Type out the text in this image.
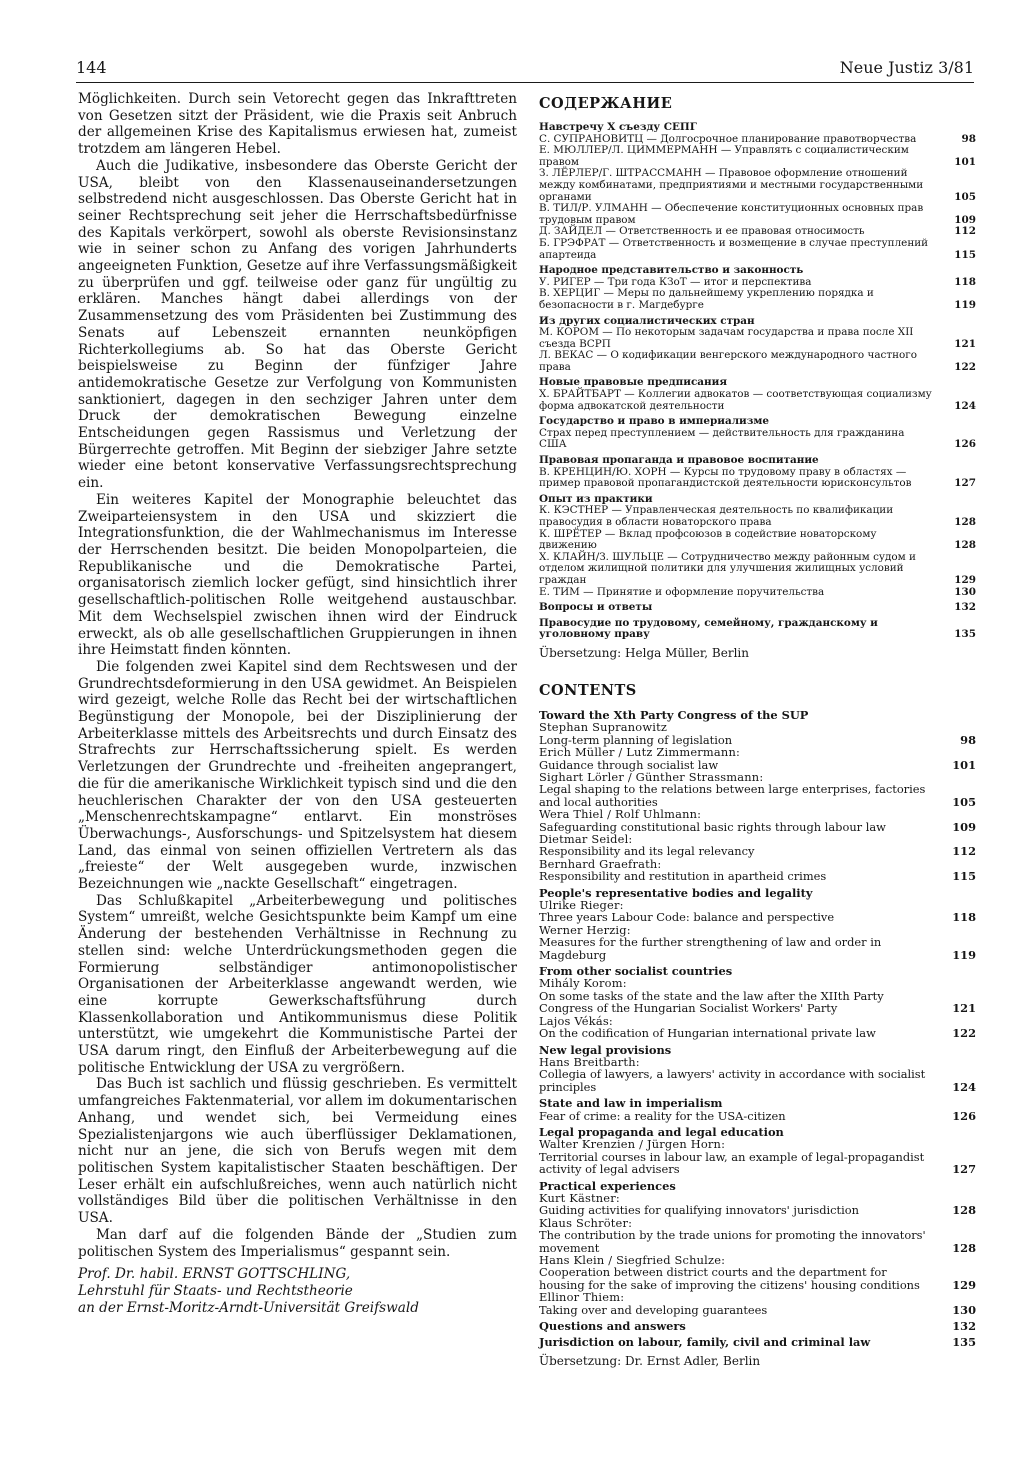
144	Neue Justiz 3/81

Möglichkeiten. Durch sein Vetorecht gegen das Inkrafttreten von Gesetzen sitzt der Präsident, wie die Praxis seit Anbruch der allgemeinen Krise des Kapitalismus erwiesen hat, zumeist trotzdem am längeren Hebel.

Auch die Judikative, insbesondere das Oberste Gericht der USA, bleibt von den Klassenauseinandersetzungen selbstredend nicht ausgeschlossen. Das Oberste Gericht hat in seiner Rechtsprechung seit jeher die Herrschaftsbedürfnisse des Kapitals verkörpert, sowohl als oberste Revisionsinstanz wie in seiner schon zu Anfang des vorigen Jahrhunderts angeeigneten Funktion, Gesetze auf ihre Verfassungsmäßigkeit zu überprüfen und ggf. teilweise oder ganz für ungültig zu erklären. Manches hängt dabei allerdings von der Zusammensetzung des vom Präsidenten bei Zustimmung des Senats auf Lebenszeit ernannten neunköpfigen Richterkollegiums ab. So hat das Oberste Gericht beispielsweise zu Beginn der fünfziger Jahre antidemokratische Gesetze zur Verfolgung von Kommunisten sanktioniert, dagegen in den sechziger Jahren unter dem Druck der demokratischen Bewegung einzelne Entscheidungen gegen Rassismus und Verletzung der Bürgerrechte getroffen. Mit Beginn der siebziger Jahre setzte wieder eine betont konservative Verfassungsrechtsprechung ein.

Ein weiteres Kapitel der Monographie beleuchtet das Zweiparteiensystem in den USA und skizziert die Integrationsfunktion, die der Wahlmechanismus im Interesse der Herrschenden besitzt. Die beiden Monopolparteien, die Republikanische und die Demokratische Partei, organisatorisch ziemlich locker gefügt, sind hinsichtlich ihrer gesellschaftlich-politischen Rolle weitgehend austauschbar. Mit dem Wechselspiel zwischen ihnen wird der Eindruck erweckt, als ob alle gesellschaftlichen Gruppierungen in ihnen ihre Heimstatt finden könnten.

Die folgenden zwei Kapitel sind dem Rechtswesen und der Grundrechtsdeformierung in den USA gewidmet. An Beispielen wird gezeigt, welche Rolle das Recht bei der wirtschaftlichen Begünstigung der Monopole, bei der Disziplinierung der Arbeiterklasse mittels des Arbeitsrechts und durch Einsatz des Strafrechts zur Herrschaftssicherung spielt. Es werden Verletzungen der Grundrechte und -freiheiten angeprangert, die für die amerikanische Wirklichkeit typisch sind und die den heuchlerischen Charakter der von den USA gesteuerten „Menschenrechtskampagne“ entlarvt. Ein monströses Überwachungs-, Ausforschungs- und Spitzelsystem hat diesem Land, das einmal von seinen offiziellen Vertretern als das „freieste“ der Welt ausgegeben wurde, inzwischen Bezeichnungen wie „nackte Gesellschaft“ eingetragen.

Das Schlußkapitel „Arbeiterbewegung und politisches System“ umreißt, welche Gesichtspunkte beim Kampf um eine Änderung der bestehenden Verhältnisse in Rechnung zu stellen sind: welche Unterdrückungsmethoden gegen die Formierung selbständiger antimonopolistischer Organisationen der Arbeiterklasse angewandt werden, wie eine korrupte Gewerkschaftsführung durch Klassenkollaboration und Antikommunismus diese Politik unterstützt, wie umgekehrt die Kommunistische Partei der USA darum ringt, den Einfluß der Arbeiterbewegung auf die politische Entwicklung der USA zu vergrößern.

Das Buch ist sachlich und flüssig geschrieben. Es vermittelt umfangreiches Faktenmaterial, vor allem im dokumentarischen Anhang, und wendet sich, bei Vermeidung eines Spezialistenjargons wie auch überflüssiger Deklamationen, nicht nur an jene, die sich von Berufs wegen mit dem politischen System kapitalistischer Staaten beschäftigen. Der Leser erhält ein aufschlußreiches, wenn auch natürlich nicht vollständiges Bild über die politischen Verhältnisse in den USA.

Man darf auf die folgenden Bände der „Studien zum politischen System des Imperialismus“ gespannt sein.

Prof. Dr. habil. ERNST GOTTSCHLING,
Lehrstuhl für Staats- und Rechtstheorie
an der Ernst-Moritz-Arndt-Universität Greifswald
СОДЕРЖАНИЕ
Навстречу X съезду СЕПГ
С. СУПРАНОВИТЦ — Долгосрочное планирование правотворчества	98
Е. МЮЛЛЕР/Л. ЦИММЕРМАНН — Управлять с социалистическим правом	101
З. ЛЁРЛЕР/Г. ШТРАССМАНН — Правовое оформление отношений между комбинатами, предприятиями и местными государственными органами	105
В. ТИЛ/Р. УЛМАНН — Обеспечение конституционных основных прав трудовым правом	109
Д. ЗАЙДЕЛ — Ответственность и ее правовая относимость	112
Б. ГРЭФРАТ — Ответственность и возмещение в случае преступлений апартеида	115
Народное представительство и законность
У. РИГЕР — Три года КЗоТ — итог и перспектива	118
В. ХЕРЦИГ — Меры по дальнейшему укреплению порядка и безопасности в г. Магдебурге	119
Из других социалистических стран
М. КОРОМ — По некоторым задачам государства и права после XII съезда ВСРП	121
Л. ВЕКАС — О кодификации венгерского международного частного права	122
Новые правовые предписания
Х. БРАЙТБАРТ — Коллегии адвокатов — соответствующая социализму форма адвокатской деятельности	124
Государство и право в империализме
Страх перед преступлением — действительность для гражданина США	126
Правовая пропаганда и правовое воспитание
В. КРЕНЦИН/Ю. ХОРН — Курсы по трудовому праву в областях — пример правовой пропагандистской деятельности юрисконсультов	127
Опыт из практики
К. КЭСТНЕР — Управленческая деятельность по квалификации правосудия в области новаторского права	128
К. ШРЁТЕР — Вклад профсоюзов в содействие новаторскому движению	128
Х. КЛАЙН/З. ШУЛЬЦЕ — Сотрудничество между районным судом и отделом жилищной политики для улучшения жилищных условий граждан	129
Е. ТИМ — Принятие и оформление поручительства	130
Вопросы и ответы	132
Правосудие по трудовому, семейному, гражданскому и уголовному праву	135
Übersetzung: Helga Müller, Berlin
CONTENTS
Toward the Xth Party Congress of the SUP
Stephan Supranowitz
Long-term planning of legislation	98
Erich Müller / Lutz Zimmermann:
Guidance through socialist law	101
Sighart Lörler / Günther Strassmann:
Legal shaping to the relations between large enterprises, factories and local authorities	105
Wera Thiel / Rolf Uhlmann:
Safeguarding constitutional basic rights through labour law	109
Dietmar Seidel:
Responsibility and its legal relevancy	112
Bernhard Graefrath:
Responsibility and restitution in apartheid crimes	115
People's representative bodies and legality
Ulrike Rieger:
Three years Labour Code: balance and perspective	118
Werner Herzig:
Measures for the further strengthening of law and order in Magdeburg	119
From other socialist countries
Mihály Korom:
On some tasks of the state and the law after the XIIth Party Congress of the Hungarian Socialist Workers' Party	121
Lajos Vékás:
On the codification of Hungarian international private law	122
New legal provisions
Hans Breitbarth:
Collegia of lawyers, a lawyers' activity in accordance with socialist principles	124
State and law in imperialism
Fear of crime: a reality for the USA-citizen	126
Legal propaganda and legal education
Walter Krenzien / Jürgen Horn:
Territorial courses in labour law, an example of legal-propagandist activity of legal advisers	127
Practical experiences
Kurt Kästner:
Guiding activities for qualifying innovators' jurisdiction	128
Klaus Schröter:
The contribution by the trade unions for promoting the innovators' movement	128
Hans Klein / Siegfried Schulze:
Cooperation between district courts and the department for housing for the sake of improving the citizens' housing conditions	129
Ellinor Thiem:
Taking over and developing guarantees	130
Questions and answers	132
Jurisdiction on labour, family, civil and criminal law	135
Übersetzung: Dr. Ernst Adler, Berlin
